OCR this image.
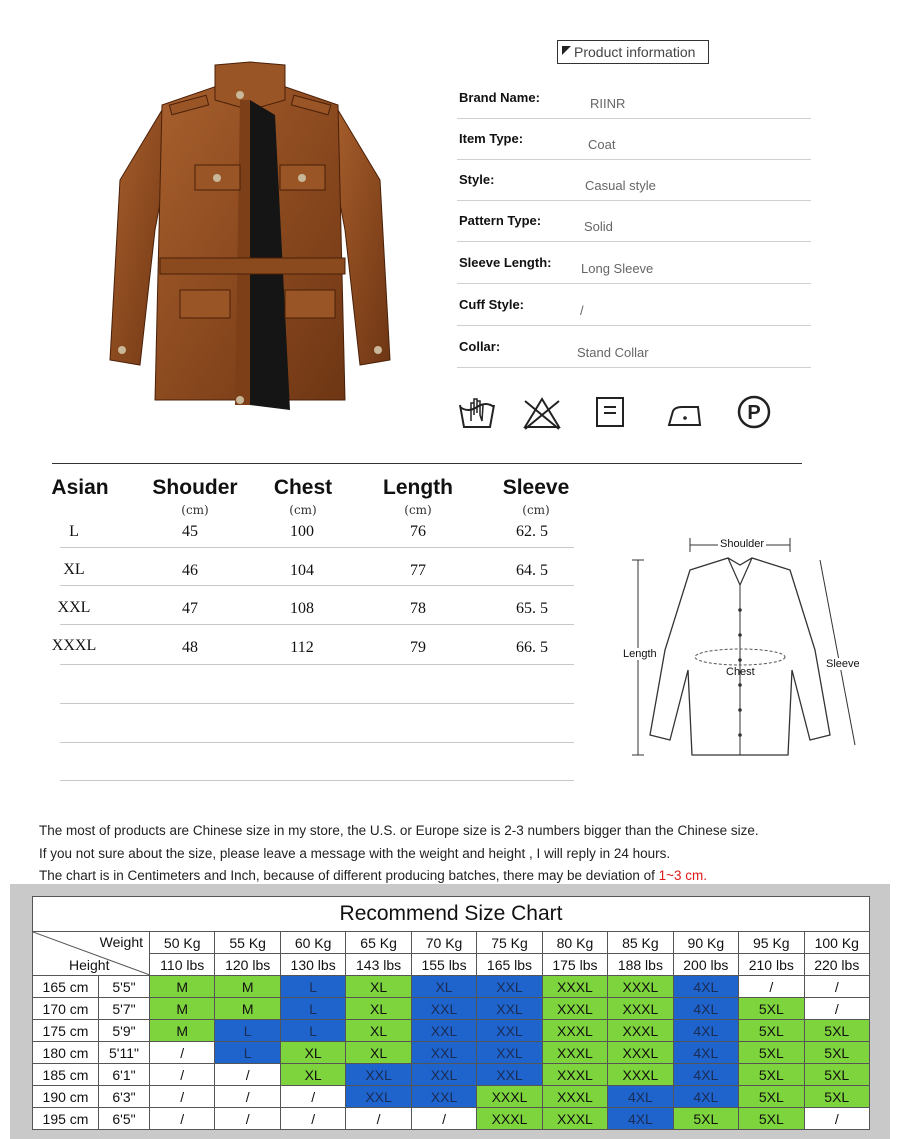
Product information
Brand Name:	RIINR
Item Type:	Coat
Style:	Casual style
Pattern Type:	Solid
Sleeve Length: Long Sleeve
Cuff Style:	/
Collar:	Stand Collar
P
Asian	Shouder	Chest	Length	Sleeve
(cm)	(cm)	(cm)	(cm)
L	45	100	76	62. 5
XL	46	104	77	64. 5
XXL	47	108	78	65. 5
XXXL	48	112	79	66. 5
Shoulder
Length
Chest
Sleeve
The most of products are Chinese size in my store, the U.S. or Europe size is 2-3 numbers bigger than the Chinese size.
If you not sure about the size, please leave a message with the weight and height , I will reply in 24 hours.
The chart is in Centimeters and Inch, because of different producing batches, there may be deviation of 1~3 cm.
Recommend Size Chart												

Weight
Height		50 Kg	55 Kg	60 Kg	65 Kg	70 Kg	75 Kg	80 Kg	85 Kg	90 Kg	95 Kg	100 Kg
		110 lbs	120 lbs	130 lbs	143 lbs	155 lbs	165 lbs	175 lbs	188 lbs	200 lbs	210 lbs	220 lbs
165 cm	5'5"	M	M	L	XL	XL	XXL	XXXL	XXXL	4XL	/	/
170 cm	5'7"	M	M	L	XL	XXL	XXL	XXXL	XXXL	4XL	5XL	/
175 cm	5'9"	M	L	L	XL	XXL	XXL	XXXL	XXXL	4XL	5XL	5XL
180 cm	5'11"	/	L	XL	XL	XXL	XXL	XXXL	XXXL	4XL	5XL	5XL
185 cm	6'1"	/	/	XL	XXL	XXL	XXL	XXXL	XXXL	4XL	5XL	5XL
190 cm	6'3"	/	/	/	XXL	XXL	XXXL	XXXL	4XL	4XL	5XL	5XL
195 cm	6'5"	/	/	/	/	/	XXXL	XXXL	4XL	5XL	5XL	/
